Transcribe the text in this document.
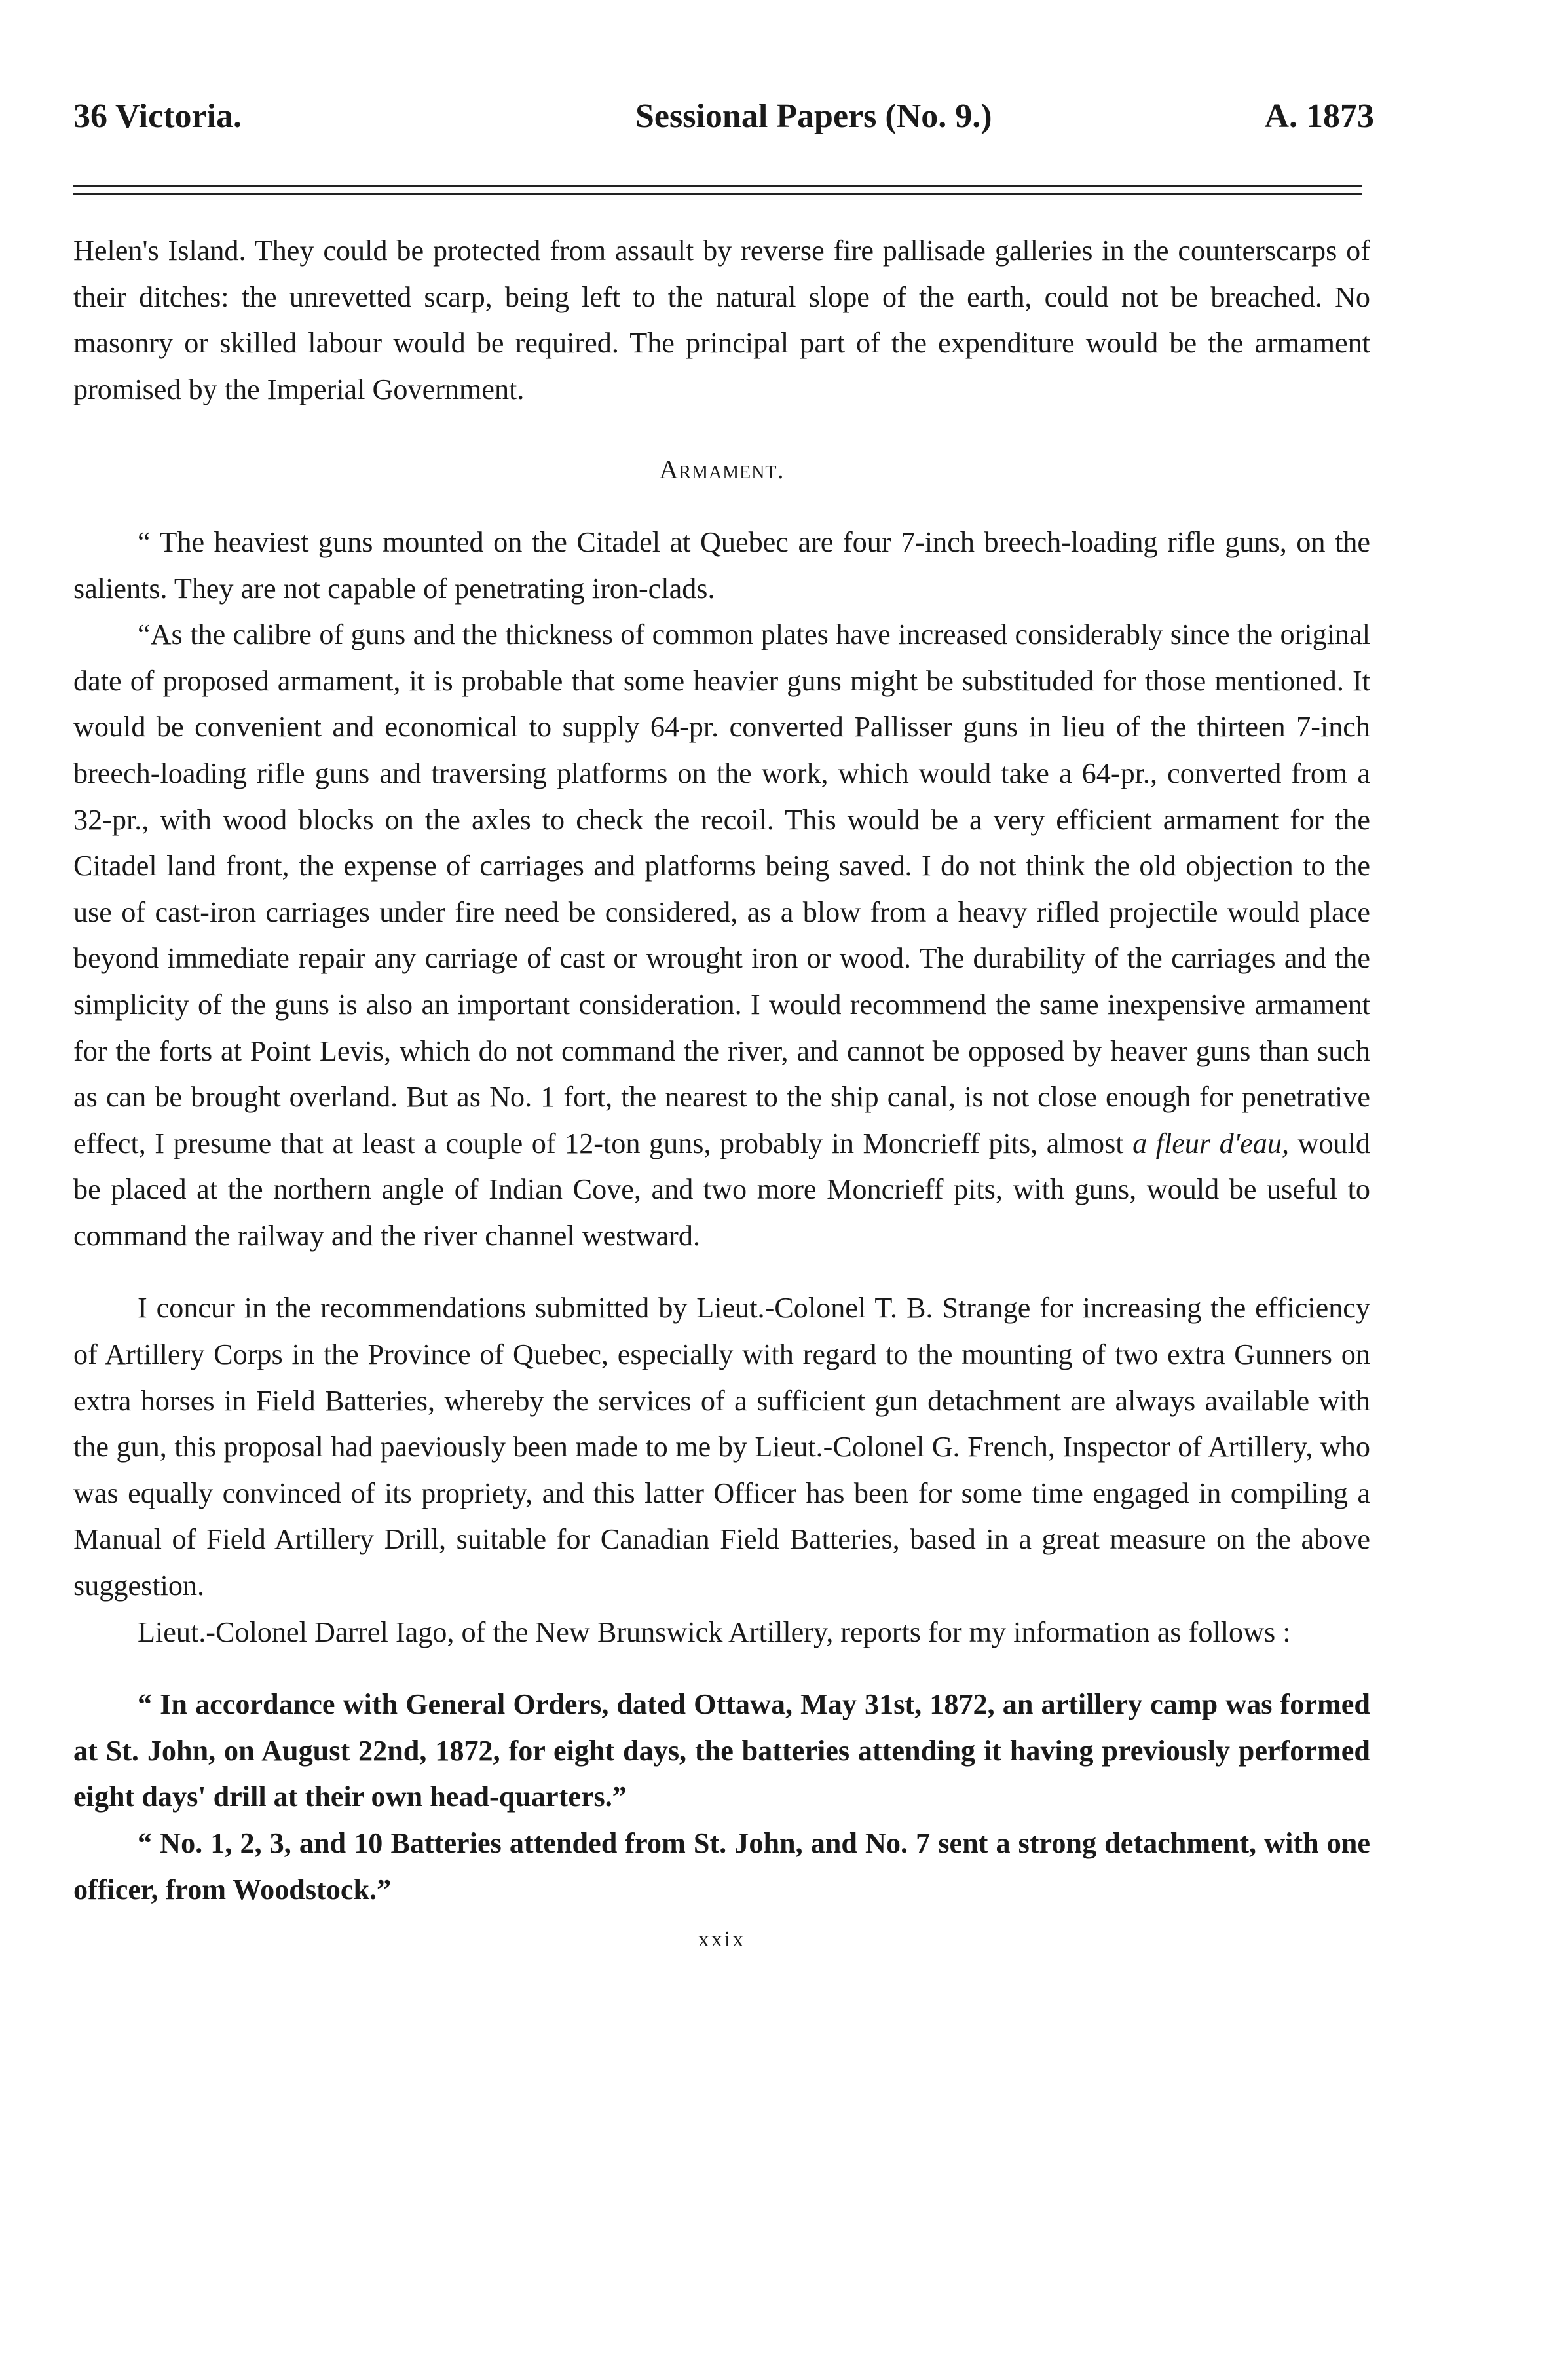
36 Victoria.	Sessional Papers (No. 9.)	A. 1873

Helen's Island. They could be protected from assault by reverse fire pallisade galleries in the counterscarps of their ditches: the unrevetted scarp, being left to the natural slope of the earth, could not be breached. No masonry or skilled labour would be required. The principal part of the expenditure would be the armament promised by the Imperial Government.

Armament.

“ The heaviest guns mounted on the Citadel at Quebec are four 7-inch breech-loading rifle guns, on the salients. They are not capable of penetrating iron-clads.

“As the calibre of guns and the thickness of common plates have increased considerably since the original date of proposed armament, it is probable that some heavier guns might be substituded for those mentioned. It would be convenient and economical to supply 64-pr. converted Pallisser guns in lieu of the thirteen 7-inch breech-loading rifle guns and traversing platforms on the work, which would take a 64-pr., converted from a 32-pr., with wood blocks on the axles to check the recoil. This would be a very efficient armament for the Citadel land front, the expense of carriages and platforms being saved. I do not think the old objection to the use of cast-iron carriages under fire need be considered, as a blow from a heavy rifled projectile would place beyond immediate repair any carriage of cast or wrought iron or wood. The durability of the carriages and the simplicity of the guns is also an important consideration. I would recommend the same inexpensive armament for the forts at Point Levis, which do not command the river, and cannot be opposed by heaver guns than such as can be brought overland. But as No. 1 fort, the nearest to the ship canal, is not close enough for penetrative effect, I presume that at least a couple of 12-ton guns, probably in Moncrieff pits, almost a fleur d'eau, would be placed at the northern angle of Indian Cove, and two more Moncrieff pits, with guns, would be useful to command the railway and the river channel westward.

I concur in the recommendations submitted by Lieut.-Colonel T. B. Strange for increasing the efficiency of Artillery Corps in the Province of Quebec, especially with regard to the mounting of two extra Gunners on extra horses in Field Batteries, whereby the services of a sufficient gun detachment are always available with the gun, this proposal had paeviously been made to me by Lieut.-Colonel G. French, Inspector of Artillery, who was equally convinced of its propriety, and this latter Officer has been for some time engaged in compiling a Manual of Field Artillery Drill, suitable for Canadian Field Batteries, based in a great measure on the above suggestion.

Lieut.-Colonel Darrel Iago, of the New Brunswick Artillery, reports for my information as follows :

“ In accordance with General Orders, dated Ottawa, May 31st, 1872, an artillery camp was formed at St. John, on August 22nd, 1872, for eight days, the batteries attending it having previously performed eight days' drill at their own head-quarters.”

“ No. 1, 2, 3, and 10 Batteries attended from St. John, and No. 7 sent a strong detachment, with one officer, from Woodstock.”

xxix
